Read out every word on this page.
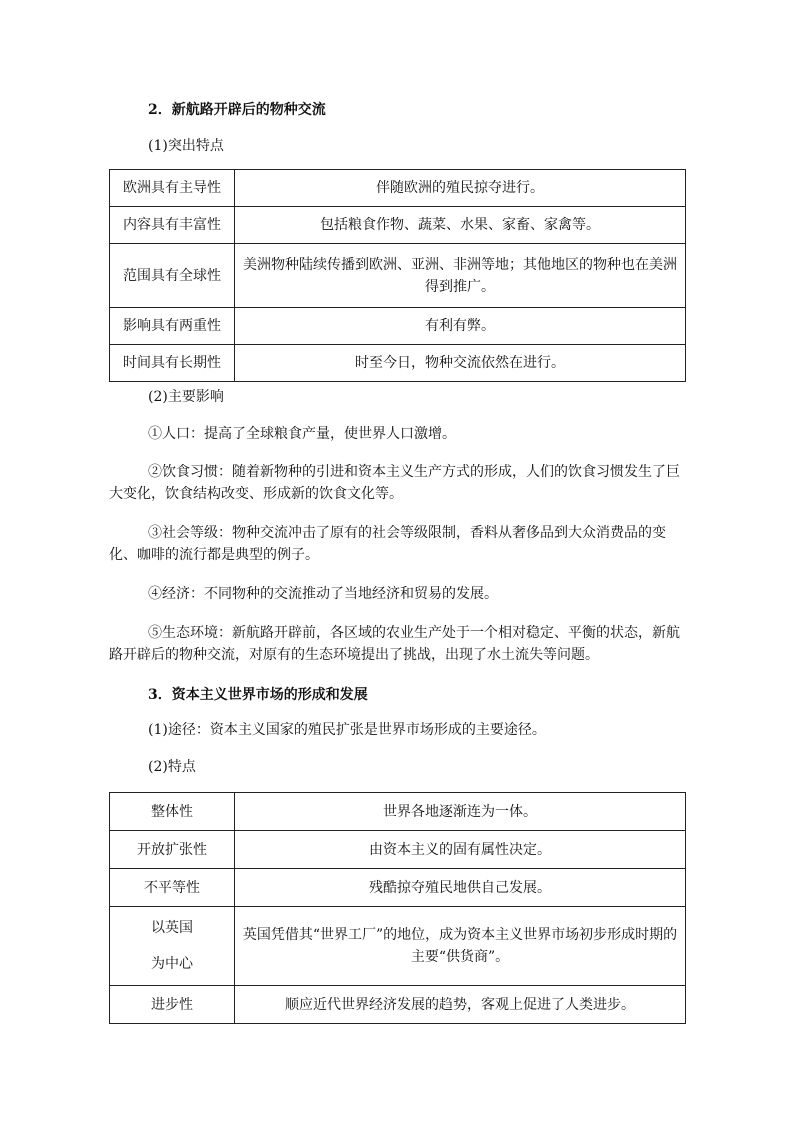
2．新航路开辟后的物种交流
(1)突出特点
欧洲具有主导性	伴随欧洲的殖民掠夺进行。
内容具有丰富性	包括粮食作物、蔬菜、水果、家畜、家禽等。
范围具有全球性	美洲物种陆续传播到欧洲、亚洲、非洲等地；其他地区的物种也在美洲得到推广。
影响具有两重性	有利有弊。
时间具有长期性	时至今日，物种交流依然在进行。
(2)主要影响
①人口：提高了全球粮食产量，使世界人口激增。
②饮食习惯：随着新物种的引进和资本主义生产方式的形成，人们的饮食习惯发生了巨大变化，饮食结构改变、形成新的饮食文化等。
③社会等级：物种交流冲击了原有的社会等级限制，香料从奢侈品到大众消费品的变化、咖啡的流行都是典型的例子。
④经济：不同物种的交流推动了当地经济和贸易的发展。
⑤生态环境：新航路开辟前，各区域的农业生产处于一个相对稳定、平衡的状态，新航路开辟后的物种交流，对原有的生态环境提出了挑战，出现了水土流失等问题。
3．资本主义世界市场的形成和发展
(1)途径：资本主义国家的殖民扩张是世界市场形成的主要途径。
(2)特点
整体性	世界各地逐渐连为一体。
开放扩张性	由资本主义的固有属性决定。
不平等性	残酷掠夺殖民地供自己发展。

以英国
为中心	英国凭借其“世界工厂”的地位，成为资本主义世界市场初步形成时期的主要“供货商”。
进步性	顺应近代世界经济发展的趋势，客观上促进了人类进步。
